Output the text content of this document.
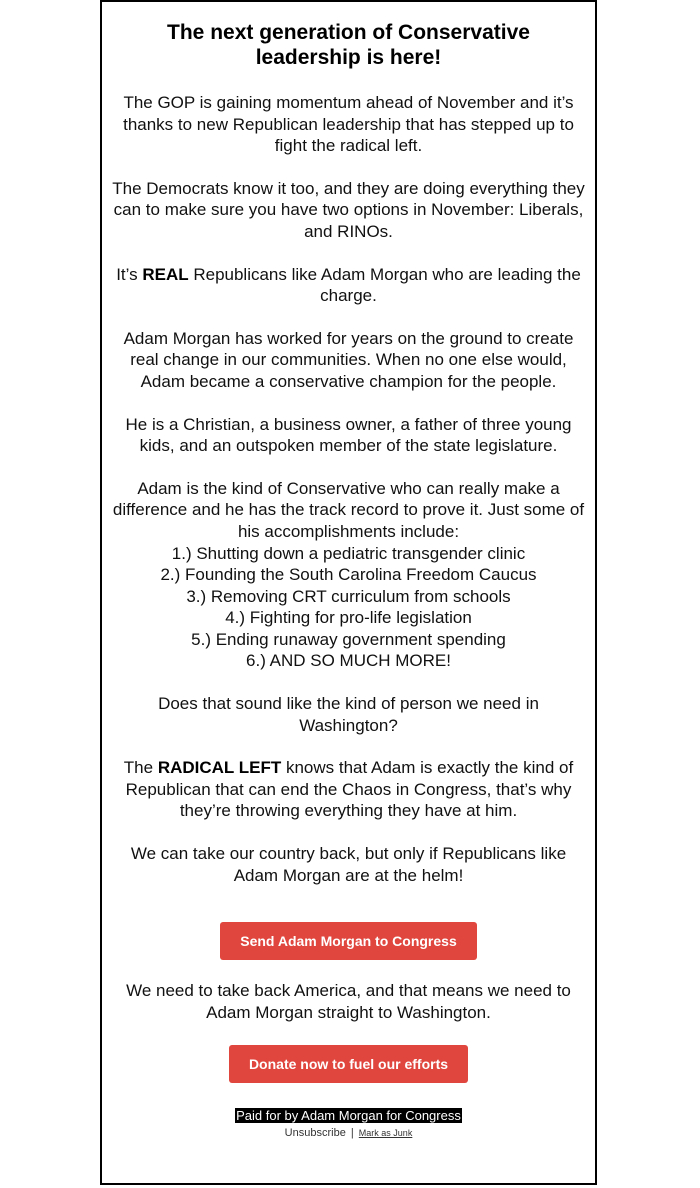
The next generation of Conservative leadership is here!

The GOP is gaining momentum ahead of November and it’s thanks to new Republican leadership that has stepped up to fight the radical left.

The Democrats know it too, and they are doing everything they can to make sure you have two options in November: Liberals, and RINOs.

It’s REAL Republicans like Adam Morgan who are leading the charge.

Adam Morgan has worked for years on the ground to create real change in our communities. When no one else would, Adam became a conservative champion for the people.

He is a Christian, a business owner, a father of three young kids, and an outspoken member of the state legislature.

Adam is the kind of Conservative who can really make a difference and he has the track record to prove it. Just some of his accomplishments include:
1.) Shutting down a pediatric transgender clinic
2.) Founding the South Carolina Freedom Caucus
3.) Removing CRT curriculum from schools
4.) Fighting for pro-life legislation
5.) Ending runaway government spending
6.) AND SO MUCH MORE!

Does that sound like the kind of person we need in Washington?

The RADICAL LEFT knows that Adam is exactly the kind of Republican that can end the Chaos in Congress, that’s why they’re throwing everything they have at him.

We can take our country back, but only if Republicans like Adam Morgan are at the helm!

Send Adam Morgan to Congress

We need to take back America, and that means we need to Adam Morgan straight to Washington.

Donate now to fuel our efforts
Paid for by Adam Morgan for Congress
Unsubscribe | Mark as Junk
